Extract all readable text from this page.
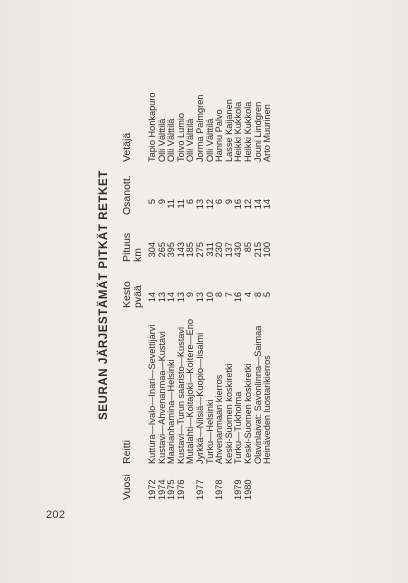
202
SEURAN JÄRJESTÄMÄT PITKÄT RETKET
Vuosi
Reitti
Kesto pvää
Pituus km
Osanott.
Vetäjä
1972
Kuttura—Ivalo—Inari—Sevettijärvi
14
304
5
Tapio Honkapuro
1974
Kustavi—Ahvenanmaa—Kustavi
13
265
9
Olli Välttilä
1975
Maarianhamina—Helsinki
14
395
11
Olli Välttilä
1976
Kustavi—Turun saaristo—Kustavi
13
143
11
Toivo Lumio
Mutalahti—Koitajoki—Koitere—Eno
9
185
6
Olli Välttilä
1977
Jyrkkä—Nilsiä—Kuopio—Iisalmi
13
275
13
Jorma Palmgren
Turku—Helsinki
10
311
12
Olli Välttilä
1978
Ahvenanmaan kierros
8
230
6
Hannu Palvo
Keski-Suomen koskiretki
7
137
9
Lasse Kaijanen
1979
Turku—Tukholma
16
430
16
Heikki Kukkola
1980
Keski-Suomen koskiretki
4
85
12
Heikki Kukkola
Olavinlaivat: Savonlinna—Saimaa
8
215
14
Jouni Lindgren
Heinäveden luostarikierros
5
100
14
Arto Muurinen
